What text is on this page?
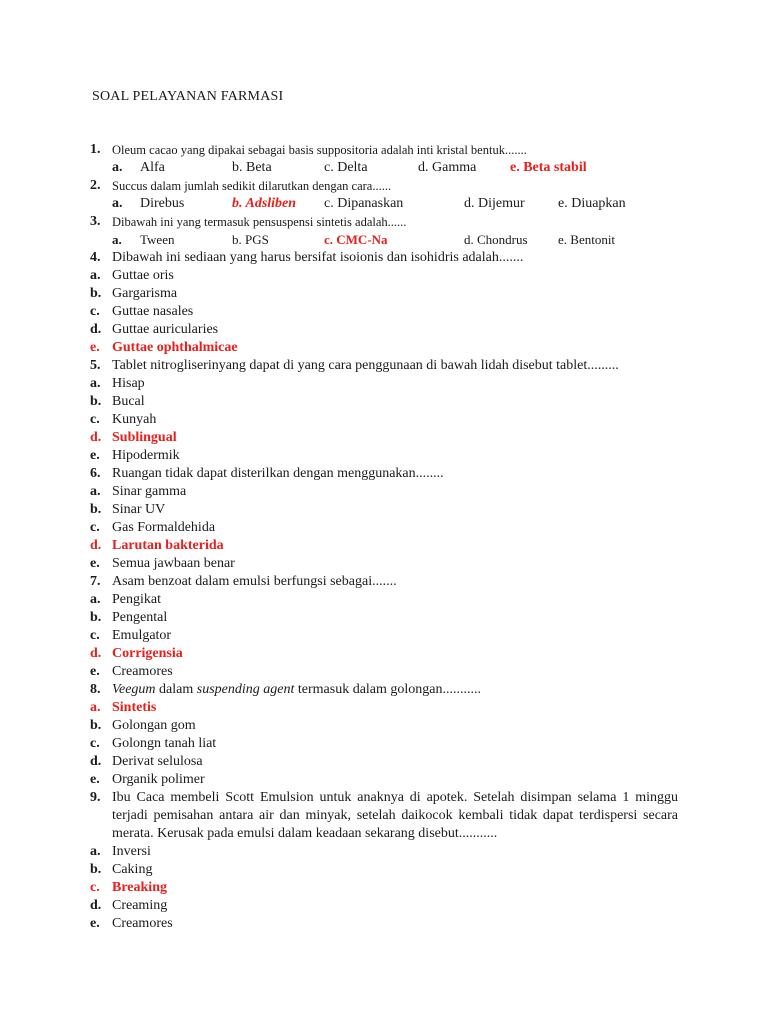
SOAL PELAYANAN FARMASI
1. Oleum cacao yang dipakai sebagai basis suppositoria adalah inti kristal bentuk.......
a. Alfa	b. Beta	c. Delta	d. Gamma e. Beta stabil
2. Succus dalam jumlah sedikit dilarutkan dengan cara......
a. Direbus	b. Adsliben c. Dipanaskan	d. Dijemur e. Diuapkan
3. Dibawah ini yang termasuk pensuspensi sintetis adalah......
a. Tween	b. PGS	c. CMC-Na	d. Chondrus e. Bentonit
4. Dibawah ini sediaan yang harus bersifat isoionis dan isohidris adalah.......
a. Guttae oris
b. Gargarisma
c. Guttae nasales
d. Guttae auricularies
e. Guttae ophthalmicae
5. Tablet nitrogliserinyang dapat di yang cara penggunaan di bawah lidah disebut tablet.........
a. Hisap
b. Bucal
c. Kunyah
d. Sublingual
e. Hipodermik
6. Ruangan tidak dapat disterilkan dengan menggunakan........
a. Sinar gamma
b. Sinar UV
c. Gas Formaldehida
d. Larutan bakterida
e. Semua jawbaan benar
7. Asam benzoat dalam emulsi berfungsi sebagai.......
a. Pengikat
b. Pengental
c. Emulgator
d. Corrigensia
e. Creamores
8. Veegum dalam suspending agent termasuk dalam golongan...........
a. Sintetis
b. Golongan gom
c. Golongn tanah liat
d. Derivat selulosa
e. Organik polimer
9. Ibu Caca membeli Scott Emulsion untuk anaknya di apotek. Setelah disimpan selama 1 minggu terjadi pemisahan antara air dan minyak, setelah daikocok kembali tidak dapat terdispersi secara merata. Kerusak pada emulsi dalam keadaan sekarang disebut...........
a. Inversi
b. Caking
c. Breaking
d. Creaming
e. Creamores
